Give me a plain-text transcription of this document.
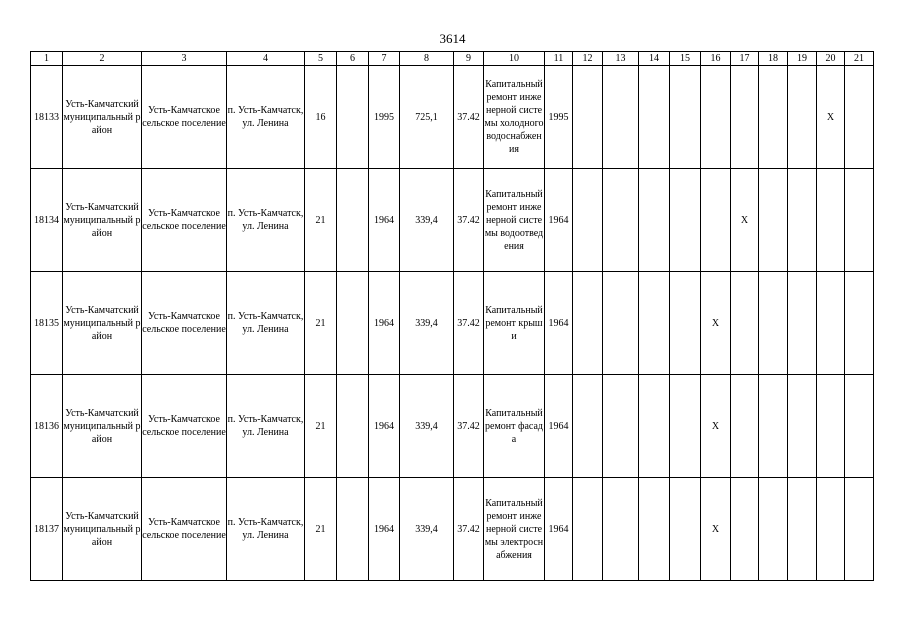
3614
1	2	3	4	5	6	7	8	9	10	11	12	13	14	15	16	17	18	19	20	21
18133	Усть-Камчатский муниципальный район	Усть-Камчатское сельское поселение	п. Усть-Камчатск, ул. Ленина	16		1995	725,1	37.42	Капитальный ремонт инженерной системы холодного водоснабжения	1995									X	
18134	Усть-Камчатский муниципальный район	Усть-Камчатское сельское поселение	п. Усть-Камчатск, ул. Ленина	21		1964	339,4	37.42	Капитальный ремонт инженерной системы водоотведения	1964						X				
18135	Усть-Камчатский муниципальный район	Усть-Камчатское сельское поселение	п. Усть-Камчатск, ул. Ленина	21		1964	339,4	37.42	Капитальный ремонт крыши	1964					X					
18136	Усть-Камчатский муниципальный район	Усть-Камчатское сельское поселение	п. Усть-Камчатск, ул. Ленина	21		1964	339,4	37.42	Капитальный ремонт фасада	1964					X					
18137	Усть-Камчатский муниципальный район	Усть-Камчатское сельское поселение	п. Усть-Камчатск, ул. Ленина	21		1964	339,4	37.42	Капитальный ремонт инженерной системы электроснабжения	1964					X					
